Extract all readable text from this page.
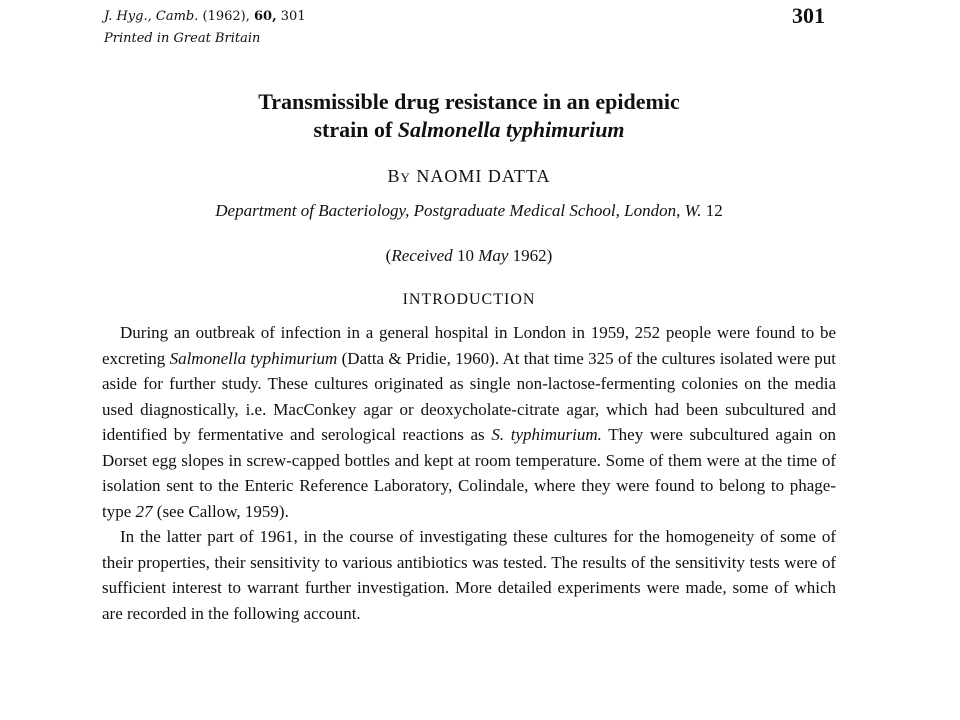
J. Hyg., Camb. (1962), 60, 301
Printed in Great Britain
301
Transmissible drug resistance in an epidemic
strain of Salmonella typhimurium
By NAOMI DATTA
Department of Bacteriology, Postgraduate Medical School, London, W. 12
(Received 10 May 1962)
INTRODUCTION

During an outbreak of infection in a general hospital in London in 1959, 252 people were found to be excreting Salmonella typhimurium (Datta & Pridie, 1960). At that time 325 of the cultures isolated were put aside for further study. These cultures originated as single non-lactose-fermenting colonies on the media used diagnostically, i.e. MacConkey agar or deoxycholate-citrate agar, which had been subcultured and identified by fermentative and serological reactions as S. typhimurium. They were subcultured again on Dorset egg slopes in screw-capped bottles and kept at room temperature. Some of them were at the time of isolation sent to the Enteric Reference Laboratory, Colindale, where they were found to belong to phage-type 27 (see Callow, 1959).

In the latter part of 1961, in the course of investigating these cultures for the homogeneity of some of their properties, their sensitivity to various antibiotics was tested. The results of the sensitivity tests were of sufficient interest to warrant further investigation. More detailed experiments were made, some of which are recorded in the following account.
